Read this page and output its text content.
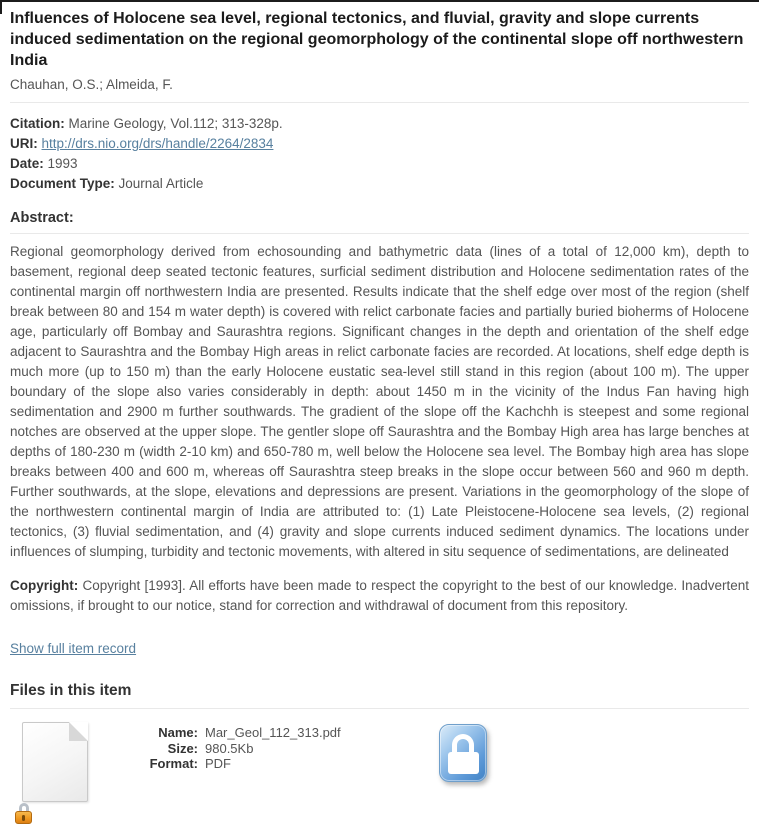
Influences of Holocene sea level, regional tectonics, and fluvial, gravity and slope currents induced sedimentation on the regional geomorphology of the continental slope off northwestern India
Chauhan, O.S.; Almeida, F.
Citation: Marine Geology, Vol.112; 313-328p.
URI: http://drs.nio.org/drs/handle/2264/2834
Date: 1993
Document Type: Journal Article
Abstract:

Regional geomorphology derived from echosounding and bathymetric data (lines of a total of 12,000 km), depth to basement, regional deep seated tectonic features, surficial sediment distribution and Holocene sedimentation rates of the continental margin off northwestern India are presented. Results indicate that the shelf edge over most of the region (shelf break between 80 and 154 m water depth) is covered with relict carbonate facies and partially buried bioherms of Holocene age, particularly off Bombay and Saurashtra regions. Significant changes in the depth and orientation of the shelf edge adjacent to Saurashtra and the Bombay High areas in relict carbonate facies are recorded. At locations, shelf edge depth is much more (up to 150 m) than the early Holocene eustatic sea-level still stand in this region (about 100 m). The upper boundary of the slope also varies considerably in depth: about 1450 m in the vicinity of the Indus Fan having high sedimentation and 2900 m further southwards. The gradient of the slope off the Kachchh is steepest and some regional notches are observed at the upper slope. The gentler slope off Saurashtra and the Bombay High area has large benches at depths of 180-230 m (width 2-10 km) and 650-780 m, well below the Holocene sea level. The Bombay high area has slope breaks between 400 and 600 m, whereas off Saurashtra steep breaks in the slope occur between 560 and 960 m depth. Further southwards, at the slope, elevations and depressions are present. Variations in the geomorphology of the slope of the northwestern continental margin of India are attributed to: (1) Late Pleistocene-Holocene sea levels, (2) regional tectonics, (3) fluvial sedimentation, and (4) gravity and slope currents induced sediment dynamics. The locations under influences of slumping, turbidity and tectonic movements, with altered in situ sequence of sedimentations, are delineated

Copyright: Copyright [1993]. All efforts have been made to respect the copyright to the best of our knowledge. Inadvertent omissions, if brought to our notice, stand for correction and withdrawal of document from this repository.

Show full item record
Files in this item
Name: Mar_Geol_112_313.pdf
Size: 980.5Kb
Format: PDF
